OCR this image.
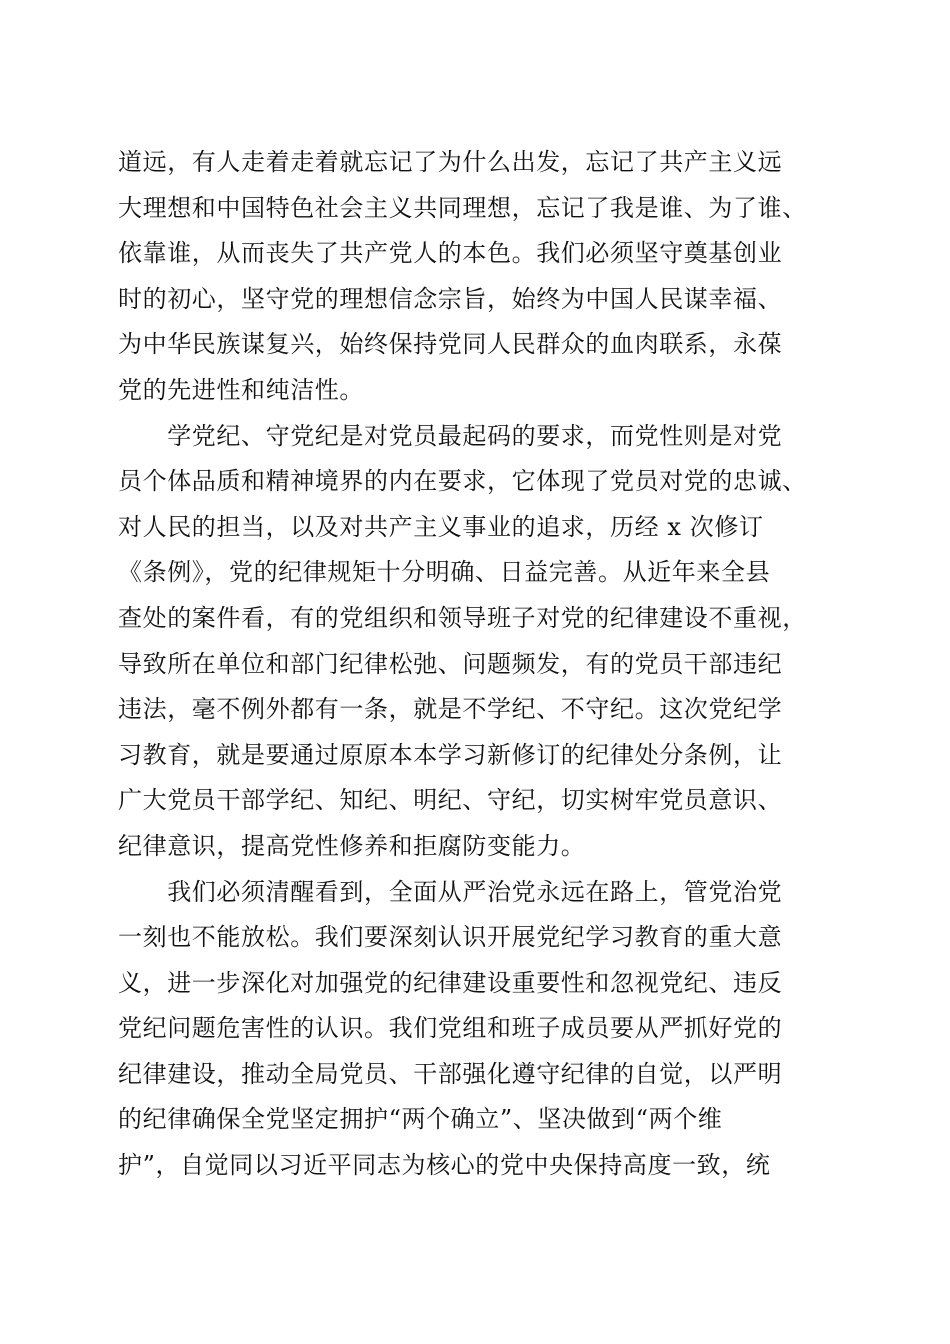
道远，有人走着走着就忘记了为什么出发，忘记了共产主义远
大理想和中国特色社会主义共同理想，忘记了我是谁、为了谁、
依靠谁，从而丧失了共产党人的本色。我们必须坚守奠基创业
时的初心，坚守党的理想信念宗旨，始终为中国人民谋幸福、
为中华民族谋复兴，始终保持党同人民群众的血肉联系，永葆
党的先进性和纯洁性。
　　学党纪、守党纪是对党员最起码的要求，而党性则是对党
员个体品质和精神境界的内在要求，它体现了党员对党的忠诚、
对人民的担当，以及对共产主义事业的追求，历经 x 次修订
《条例》，党的纪律规矩十分明确、日益完善。从近年来全县
查处的案件看，有的党组织和领导班子对党的纪律建设不重视，
导致所在单位和部门纪律松弛、问题频发，有的党员干部违纪
违法，毫不例外都有一条，就是不学纪、不守纪。这次党纪学
习教育，就是要通过原原本本学习新修订的纪律处分条例，让
广大党员干部学纪、知纪、明纪、守纪，切实树牢党员意识、
纪律意识，提高党性修养和拒腐防变能力。
　　我们必须清醒看到，全面从严治党永远在路上，管党治党
一刻也不能放松。我们要深刻认识开展党纪学习教育的重大意
义，进一步深化对加强党的纪律建设重要性和忽视党纪、违反
党纪问题危害性的认识。我们党组和班子成员要从严抓好党的
纪律建设，推动全局党员、干部强化遵守纪律的自觉，以严明
的纪律确保全党坚定拥护“两个确立”、坚决做到“两个维
护”，自觉同以习近平同志为核心的党中央保持高度一致，统
